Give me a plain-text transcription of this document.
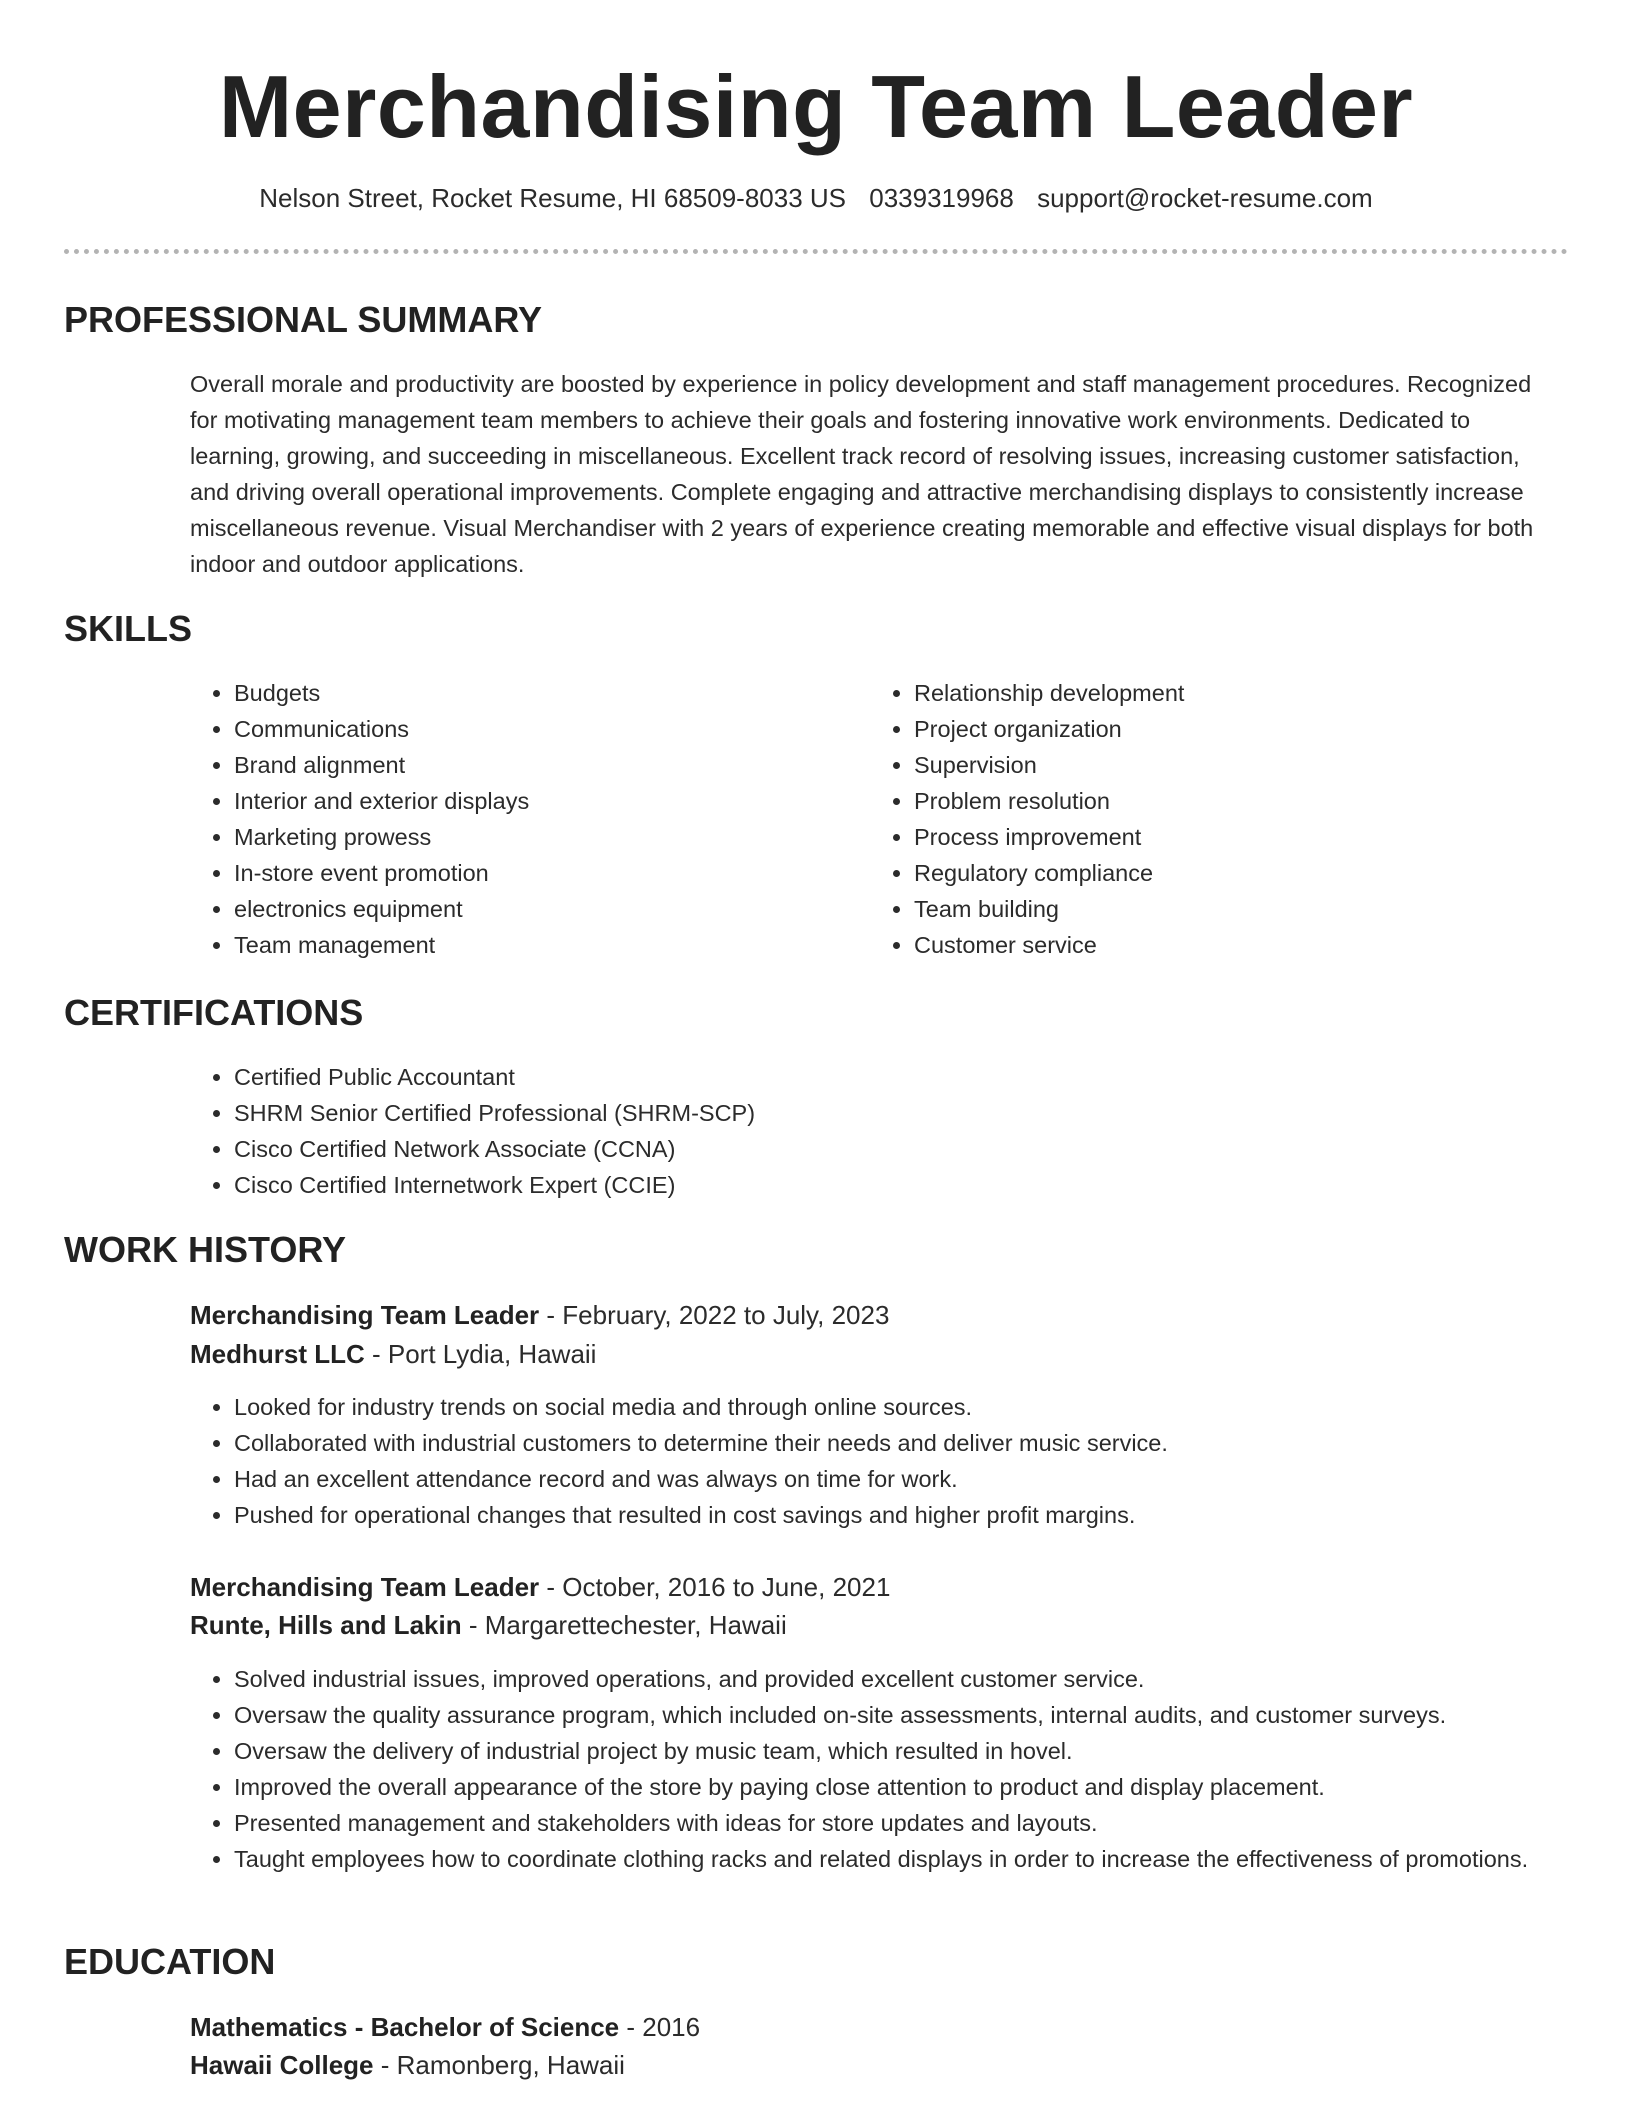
Merchandising Team Leader
Nelson Street, Rocket Resume, HI 68509-8033 US 0339319968 support@rocket-resume.com
PROFESSIONAL SUMMARY

Overall morale and productivity are boosted by experience in policy development and staff management procedures. Recognized for motivating management team members to achieve their goals and fostering innovative work environments. Dedicated to learning, growing, and succeeding in miscellaneous. Excellent track record of resolving issues, increasing customer satisfaction, and driving overall operational improvements. Complete engaging and attractive merchandising displays to consistently increase miscellaneous revenue. Visual Merchandiser with 2 years of experience creating memorable and effective visual displays for both indoor and outdoor applications.

SKILLS
• Budgets
• Communications
• Brand alignment
• Interior and exterior displays
• Marketing prowess
• In-store event promotion
• electronics equipment
• Team management
• Relationship development
• Project organization
• Supervision
• Problem resolution
• Process improvement
• Regulatory compliance
• Team building
• Customer service
CERTIFICATIONS
• Certified Public Accountant
• SHRM Senior Certified Professional (SHRM-SCP)
• Cisco Certified Network Associate (CCNA)
• Cisco Certified Internetwork Expert (CCIE)
WORK HISTORY
Merchandising Team Leader - February, 2022 to July, 2023
Medhurst LLC - Port Lydia, Hawaii
• Looked for industry trends on social media and through online sources.
• Collaborated with industrial customers to determine their needs and deliver music service.
• Had an excellent attendance record and was always on time for work.
• Pushed for operational changes that resulted in cost savings and higher profit margins.
Merchandising Team Leader - October, 2016 to June, 2021
Runte, Hills and Lakin - Margarettechester, Hawaii
• Solved industrial issues, improved operations, and provided excellent customer service.
• Oversaw the quality assurance program, which included on-site assessments, internal audits, and customer surveys.
• Oversaw the delivery of industrial project by music team, which resulted in hovel.
• Improved the overall appearance of the store by paying close attention to product and display placement.
• Presented management and stakeholders with ideas for store updates and layouts.
• Taught employees how to coordinate clothing racks and related displays in order to increase the effectiveness of promotions.
EDUCATION
Mathematics - Bachelor of Science - 2016
Hawaii College - Ramonberg, Hawaii
